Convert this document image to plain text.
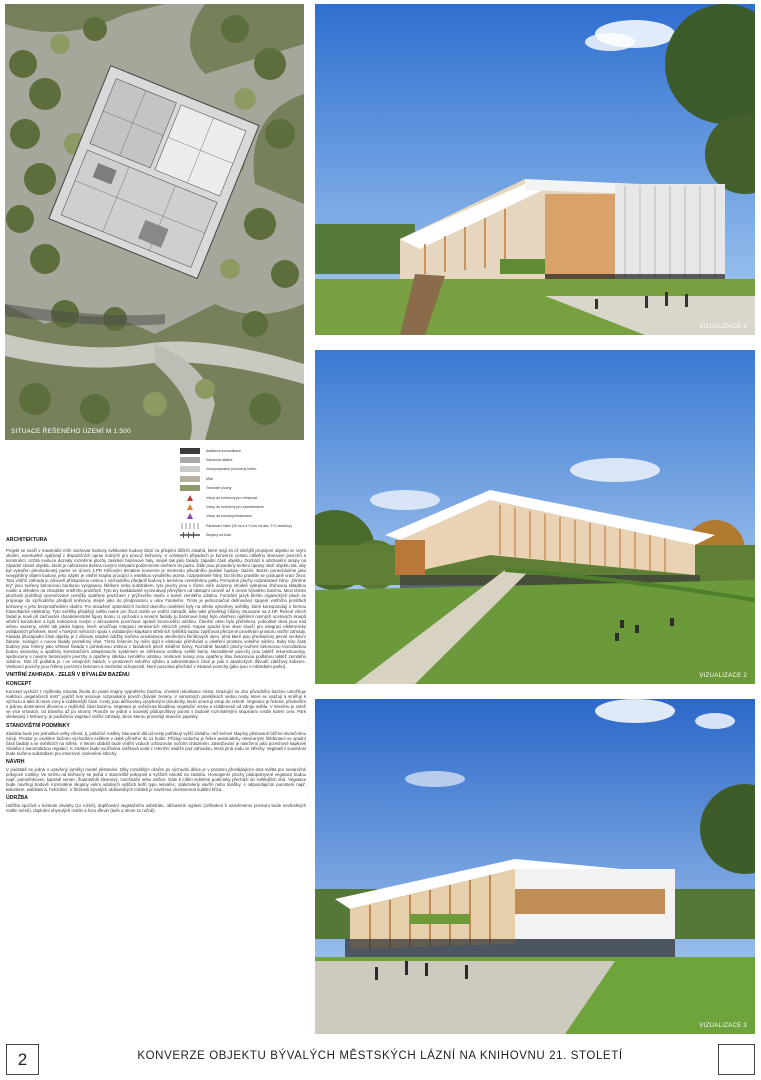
SITUACE ŘEŠENÉHO ÚZEMÍ M 1:500
VIZUALIZACE 1
VIZUALIZACE 2
VIZUALIZACE 3
Asfaltová komunikace
Zámková dlažba
Vodopropustný pochozný beton
Mlat
Travnaté plochy
Vstup do knihovny pro veřejnost
Vstup do knihovny pro zaměstnance
Vstup do kavárny/restaurace
Parkovací stání (30 ks a z+2 km na aut, 2+2 dodávky)
Stojany na kola
ARCHITEKTURA

Projekt se snaží v maximální míře zachovat hodnoty světlostné budovy lázní za přispění dílčích zásahů, které mají za cíl silnějšíl propojení objektu se svým okolím, eventuelně vyplývají z dispozičních úprav nutných pro provoz knihovny. V celistvých případech je konverze cestou citlivého obnovení povrchů a konstrukcí. Určitá evoluce dozvaly rozměrné plochy zasklení bazénové haly, stejně tak jako fasády západní části objektu. Dochází k odstranění rampy na západní straně objektu, která je nahrazena dvěma novými rampami podzemními směrem do parku. Dále jsou provedeny tenkrní úpravy okolí objektu tak, aby byl vytvořen plnohodnotný parter ve úrovni 1.PP. Klíčovým tématem konverze je memento původního poslání budovy- bazén. Bazén ponechávíme jako nevyplněný objem budovy, jeho náplní je vnitřní krajina procující s estetikou vysoklého jezera, rozprasknelé hliny. Do těchto prasklin se postupně vrací život. Tato vnitřní zahrada je zároveň přístupovou cestou z východního předpolí budovy k lemnímu centrálnímu pultu. Pomyslné plochy rozpraskané hliny- „hliněné kry” jsou tvořeny betonovou bordurou vysypanou štěrkem nebo substrátem, tyto plochy jsou v různé míře osázeny vhodně vybranou druhovou skladbou rostlin a ohledem na charakter vnitřního prostředí. Tyto kry kaskádovitě vyrovnávají převýšení od nástupní úrovně až k úrovni bývalého bazénu. Mezi těmito plochami probíhají vyvenčované cestičky opatřené povrchem z prýžového mulče v barvě zemitého odstínu. Formální jazyk těchto organických ploch se propisuje do východního předpolí knihovny stejně jako do předprostoru u ulice Farského. Tímto je jednoznačně definováno spojení vnitřního prostředí knihovny s jeho bezprostředním okolím. Pro dosažení optimálních hodnot denního osvětlení byly na střeše vytvořeny světlíky, které korespondují s formou fotovoltaické elektrárny. Tyto světlíky přinášejí světlo nutné pro život rostlin ve vnitřní zahradě, dále také přisvětlují čítárny situované na 2.NP. Řešení všech fasád je nově při zachování charakteristické figury domu. U východní a severní fasády (u bazénové haly) bylo ošetřeno opětěnní nosných ocelových sloupů střešní konstrukce a bylo nahrazeno novým v akcovaném povrchové úpravě bronzového odstínu. Členění oken bylo přeřešeno, jednotlivé okna jsou nad sebou osazeny, vznikl tak jakési kapse, které umožňuje integraci venkovních stínicích prvků. Kapsa spodní linie oken slouží pro integraci elektronicky ovládaných přívětrek, které v horkých měsících spolu s ovládanými klapkami střešních světlíků budou zajišťovat přirozené provětrání prostoru vnitřní zahrady. Fasáda jihozápadní části objektu je z důvodu snadné údržby tvořena acsulatovou otevřenými hliníkových oken, před které jsou předsazeny pevné venkovní žaluzie, svislující s novou fasády proměnný úhel. Tímto řešením by mělo dojít k eliminaci přehřívání a ošetření prostoru volného výběru. Boky této části budovy jsou řešeny jako větrané fasáda s pohledovou vrstvou z fasádních plech měděné barvy. Rozsáhlé fasádní plochy tvořené betonovou monolitickou budou sanovány a opatřeny konstrukčním zateplovacím systémem se stěrkovou omítkou světlé barvy. Nezasklené povrchy jsou taktéž rekonstruovány, sjednoceny s novými betonovými povrchy a opatřeny stěrkou zemitého odstínu. Venkovní terasy jsou opatřeny litou betonovou podlahou taktéž zemitého odstínu. Tato tíž podlaha je i ve vstupních halách, v prostorech volného výběru a administrativní části je pak s akustických důvodů zátěžový koberec. Venkovní povrchy jsou řešeny poréznim betonem a stezbrání schopností, které pozvolna přechází v mlatové povrchy (jako jsou v městském parku).

VNITŘNÍ ZAHRADA - ZELEŇ V BÝVALÉM BAZÉNU
KONCEPT

Koncept vychází z myšlenky návratu života do pusté krajiny vyprahlého bazénu, chceteli rekultivace místa. Svazující se dno původního bazénu umožňuje realizaci „vegetačních míst”, jejichž tvar asociuje rozpraskaný povrch (bývalé zeminy. V samotných prasklinách vedou cesty, které se svažují a směřují k výchozu a také do teen zony a vzdálenější části. Cesty jsou definovány vyvýšenými obrubníky, které omezují vstup do zeleně. Vegetace je řešená, především s jednou dominantní dřevinou v nejhlubší části bazénu. Vegetace je ověnčena hloubkou vegetační vrstvy a vzdáleností od zdroje světla. V interiéru je zeleň ve více vrstvách, od trávníku až po stromy. Protože se jedná o souvislý půdoprofilový porost s budové rozmístěnými skupinami rostlin kolem cest. Park sledovaný z knihovny, je podloženo vegetací vnitřní zahrady, skrze kterou prosvítají sluneční paprsky.

STANOVIŠTNÍ PODMÍNKY

Závlaha bude pro jednotlivé celky cílená, tj. potlačné rostliny situované dál od cesty potřebují vyšší závlahu, než keřové skupiny pěstované blíž ke slunečnímu zdroji. Prostor je osvětlen bočním východním světlem v době přímého do 11 hodin. Přístup vzduchu je řešen automaticky otevíranými štěrbinami ve spodní části fasády a ve světlících na střeše. V letním období bude vnitřní vzduch ochlazován nočním chlazením. Zavlažování je navrženo jako povrchové kapkové závlaha s automatickou regulací. K závlaze bude využívána srážková voda z retenční nádrže pod zahradou, která jímá vodu ze střechy. Vegetační souvislost bude tvořeno substrátem pro intenzivní ozeleněné střechy.

NÁVRH

V podstatě se jedná o uzavřený (uměly) model pěstování. Díky rozsáhlým oknům po východní délce je v prostoru převládajícím dost světla pro nenáročné pokojové rostliny. Ve směru od knihovny se jedná o stanoviště pokojové a vyšších nároků na závlahu. Homogenní plochy půdopokryvné vegetace budou např. pomněnkovec, kapradí semec, fluotonitník kleanový, mochnáče nebo ostřice. Dále k cílům světelné podmínky přechází do světlejších dnů. Vegetace bude navrhují bodově rozmístěné skupiny velmi odolných vyšších keřů typu netvařec, stálezelený vavřín nebo tisaříky, s odpovídajícím porostem např. kakostem, waldsteinií, hvězdnicí. V blízkosti bývalých skokanských můstků je navržena vícekmenná subtilní břiza.

ÚDRŽBA

Údržba spočívá v kontrole závlahy (1x ročně), doplňování vegetačního substrátu, občasném vyplení (vzhledem k uzavřenému prostoru bude nevhodných rostlin méně), doplnění uhynulých rostlin a řezu dřevin (keře a strom 1x ročně).

2	KONVERZE OBJEKTU BÝVALÝCH MĚSTSKÝCH LÁZNÍ NA KNIHOVNU 21. STOLETÍ
